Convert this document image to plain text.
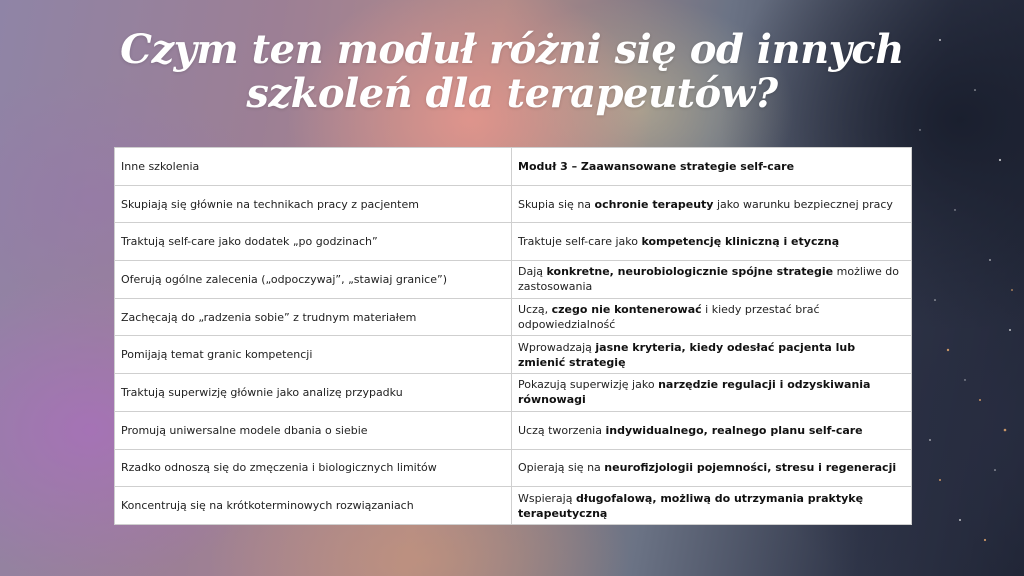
Czym ten moduł różni się od innych
szkoleń dla terapeutów?
Inne szkolenia	Moduł 3 – Zaawansowane strategie self-care
Skupiają się głównie na technikach pracy z pacjentem	Skupia się na ochronie terapeuty jako warunku bezpiecznej pracy
Traktują self-care jako dodatek „po godzinach”	Traktuje self-care jako kompetencję kliniczną i etyczną
Oferują ogólne zalecenia („odpoczywaj”, „stawiaj granice”)	Dają konkretne, neurobiologicznie spójne strategie możliwe do zastosowania
Zachęcają do „radzenia sobie” z trudnym materiałem	Uczą, czego nie kontenerować i kiedy przestać brać odpowiedzialność
Pomijają temat granic kompetencji	Wprowadzają jasne kryteria, kiedy odesłać pacjenta lub zmienić strategię
Traktują superwizję głównie jako analizę przypadku	Pokazują superwizję jako narzędzie regulacji i odzyskiwania równowagi
Promują uniwersalne modele dbania o siebie	Uczą tworzenia indywidualnego, realnego planu self-care
Rzadko odnoszą się do zmęczenia i biologicznych limitów	Opierają się na neurofizjologii pojemności, stresu i regeneracji
Koncentrują się na krótkoterminowych rozwiązaniach	Wspierają długofalową, możliwą do utrzymania praktykę terapeutyczną
